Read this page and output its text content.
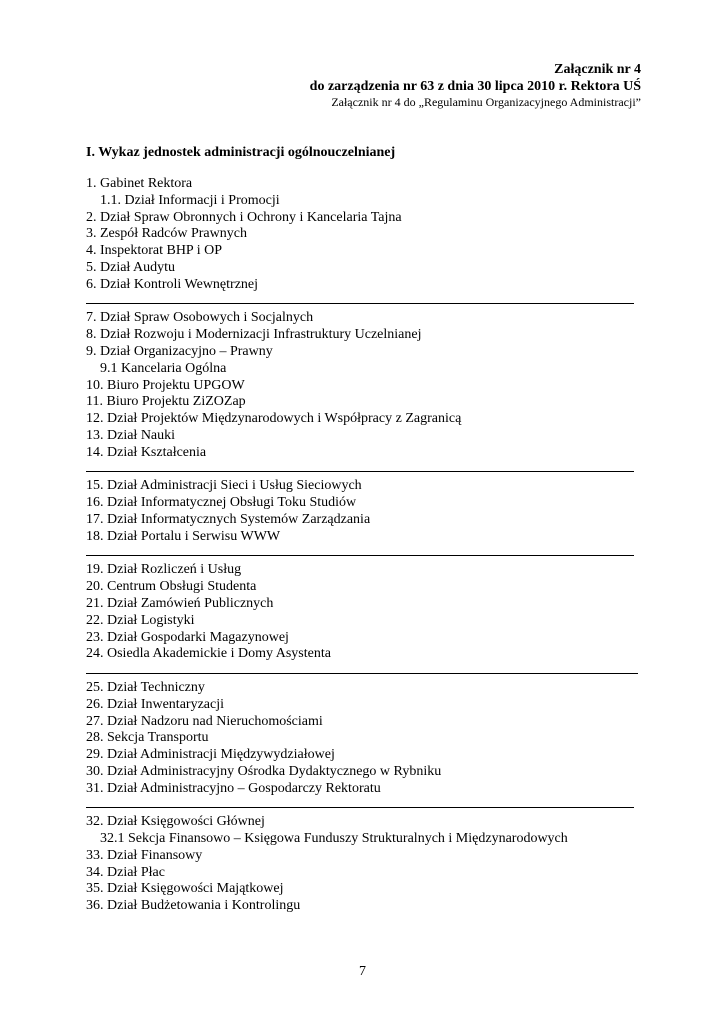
Załącznik nr 4
do zarządzenia nr 63 z dnia 30 lipca 2010 r. Rektora UŚ
Załącznik nr 4 do „Regulaminu Organizacyjnego Administracji”
I. Wykaz jednostek administracji ogólnouczelnianej
1. Gabinet Rektora
1.1. Dział Informacji i Promocji
2. Dział Spraw Obronnych i Ochrony i Kancelaria Tajna
3. Zespół Radców Prawnych
4. Inspektorat BHP i OP
5. Dział Audytu
6. Dział Kontroli Wewnętrznej
7. Dział Spraw Osobowych i Socjalnych
8. Dział Rozwoju i Modernizacji Infrastruktury Uczelnianej
9. Dział Organizacyjno – Prawny
9.1 Kancelaria Ogólna
10. Biuro Projektu UPGOW
11. Biuro Projektu ZiZOZap
12. Dział Projektów Międzynarodowych i Współpracy z Zagranicą
13. Dział Nauki
14. Dział Kształcenia
15. Dział Administracji Sieci i Usług Sieciowych
16. Dział Informatycznej Obsługi Toku Studiów
17. Dział Informatycznych Systemów Zarządzania
18. Dział Portalu i Serwisu WWW
19. Dział Rozliczeń i Usług
20. Centrum Obsługi Studenta
21. Dział Zamówień Publicznych
22. Dział Logistyki
23. Dział Gospodarki Magazynowej
24. Osiedla Akademickie i Domy Asystenta
25. Dział Techniczny
26. Dział Inwentaryzacji
27. Dział Nadzoru nad Nieruchomościami
28. Sekcja Transportu
29. Dział Administracji Międzywydziałowej
30. Dział Administracyjny Ośrodka Dydaktycznego w Rybniku
31. Dział Administracyjno – Gospodarczy Rektoratu
32. Dział Księgowości Głównej
32.1 Sekcja Finansowo – Księgowa Funduszy Strukturalnych i Międzynarodowych
33. Dział Finansowy
34. Dział Płac
35. Dział Księgowości Majątkowej
36. Dział Budżetowania i Kontrolingu
7
